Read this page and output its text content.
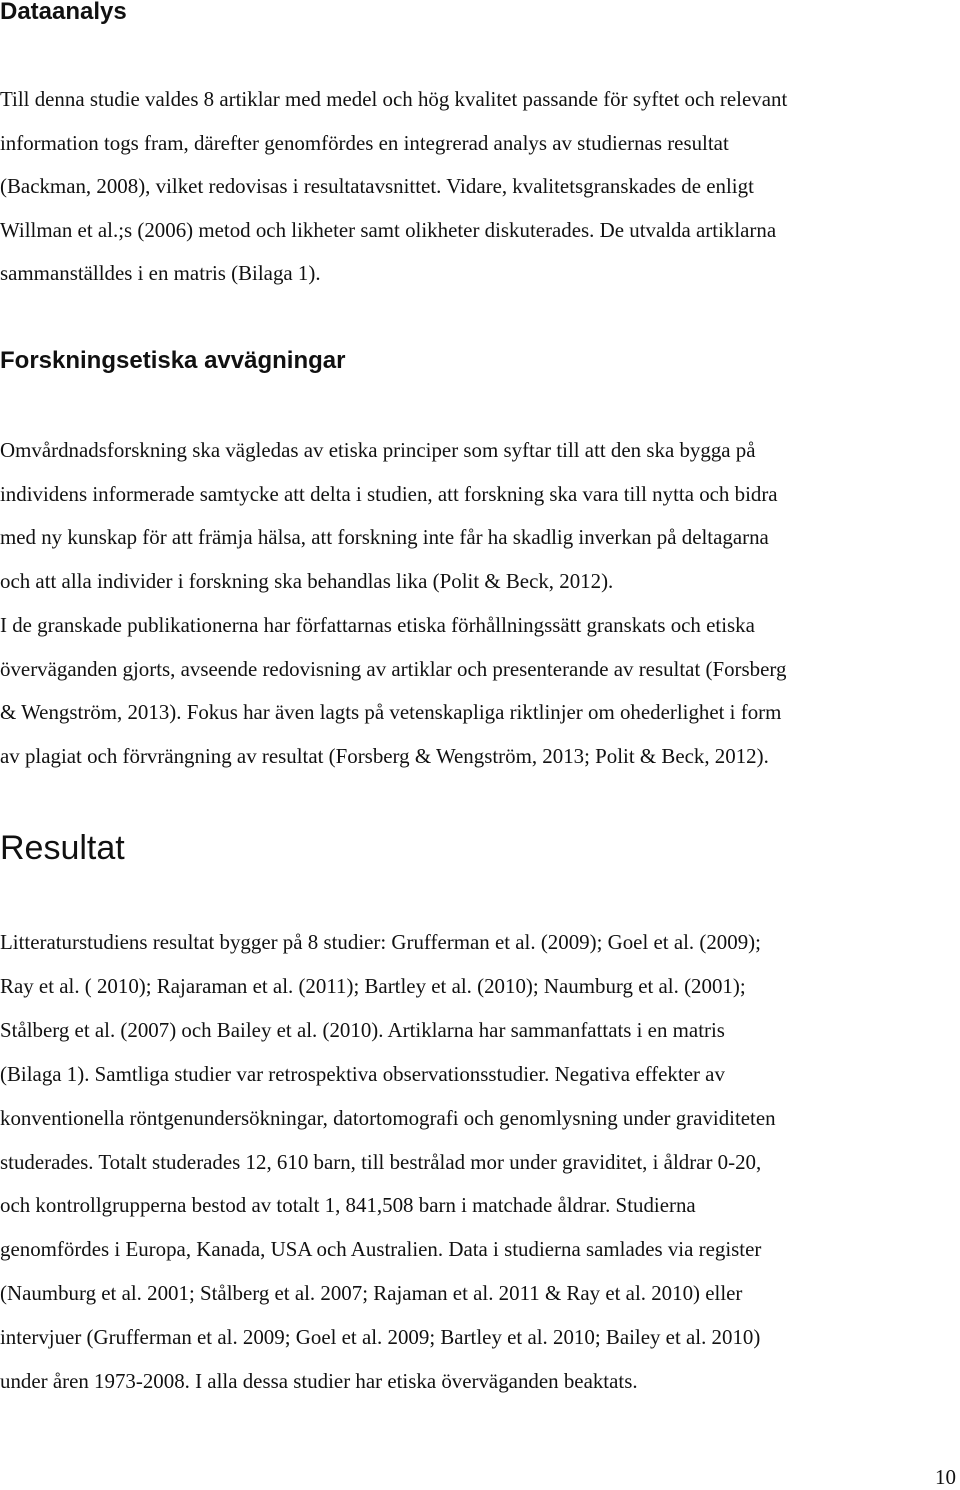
Dataanalys

Till denna studie valdes 8 artiklar med medel och hög kvalitet passande för syftet och relevant
information togs fram, därefter genomfördes en integrerad analys av studiernas resultat
(Backman, 2008), vilket redovisas i resultatavsnittet. Vidare, kvalitetsgranskades de enligt
Willman et al.;s (2006) metod och likheter samt olikheter diskuterades. De utvalda artiklarna
sammanställdes i en matris (Bilaga 1).

Forskningsetiska avvägningar

Omvårdnadsforskning ska vägledas av etiska principer som syftar till att den ska bygga på
individens informerade samtycke att delta i studien, att forskning ska vara till nytta och bidra
med ny kunskap för att främja hälsa, att forskning inte får ha skadlig inverkan på deltagarna
och att alla individer i forskning ska behandlas lika (Polit & Beck, 2012).

I de granskade publikationerna har författarnas etiska förhållningssätt granskats och etiska
överväganden gjorts, avseende redovisning av artiklar och presenterande av resultat (Forsberg
& Wengström, 2013). Fokus har även lagts på vetenskapliga riktlinjer om ohederlighet i form
av plagiat och förvrängning av resultat (Forsberg & Wengström, 2013; Polit & Beck, 2012).

Resultat

Litteraturstudiens resultat bygger på 8 studier: Grufferman et al. (2009); Goel et al. (2009);
Ray et al. ( 2010); Rajaraman et al. (2011); Bartley et al. (2010); Naumburg et al. (2001);
Stålberg et al. (2007) och Bailey et al. (2010). Artiklarna har sammanfattats i en matris
(Bilaga 1). Samtliga studier var retrospektiva observationsstudier. Negativa effekter av
konventionella röntgenundersökningar, datortomografi och genomlysning under graviditeten
studerades. Totalt studerades 12, 610 barn, till bestrålad mor under graviditet, i åldrar 0-20,
och kontrollgrupperna bestod av totalt 1, 841,508 barn i matchade åldrar. Studierna
genomfördes i Europa, Kanada, USA och Australien. Data i studierna samlades via register
(Naumburg et al. 2001; Stålberg et al. 2007; Rajaman et al. 2011 & Ray et al. 2010) eller
intervjuer (Grufferman et al. 2009; Goel et al. 2009; Bartley et al. 2010; Bailey et al. 2010)
under åren 1973-2008. I alla dessa studier har etiska överväganden beaktats.

10
